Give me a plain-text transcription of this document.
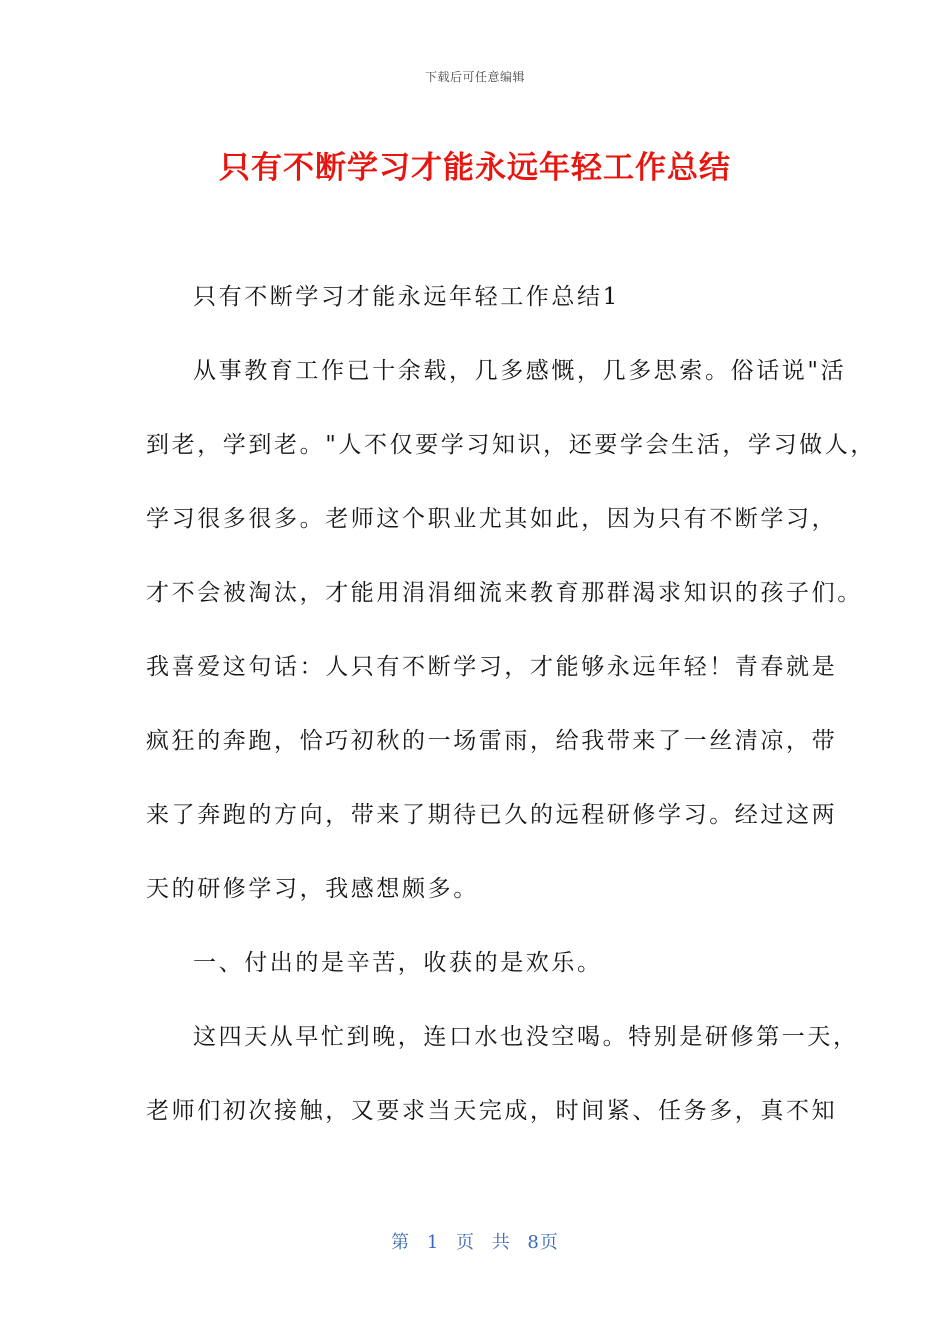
下载后可任意编辑
只有不断学习才能永远年轻工作总结
只有不断学习才能永远年轻工作总结1
从事教育工作已十余载，几多感慨，几多思索。俗话说"活
到老，学到老。"人不仅要学习知识，还要学会生活，学习做人，
学习很多很多。老师这个职业尤其如此，因为只有不断学习，
才不会被淘汰，才能用涓涓细流来教育那群渴求知识的孩子们。
我喜爱这句话：人只有不断学习，才能够永远年轻！青春就是
疯狂的奔跑，恰巧初秋的一场雷雨，给我带来了一丝清凉，带
来了奔跑的方向，带来了期待已久的远程研修学习。经过这两
天的研修学习，我感想颇多。
一、付出的是辛苦，收获的是欢乐。
这四天从早忙到晚，连口水也没空喝。特别是研修第一天，
老师们初次接触，又要求当天完成，时间紧、任务多，真不知
第 1 页 共 8页
